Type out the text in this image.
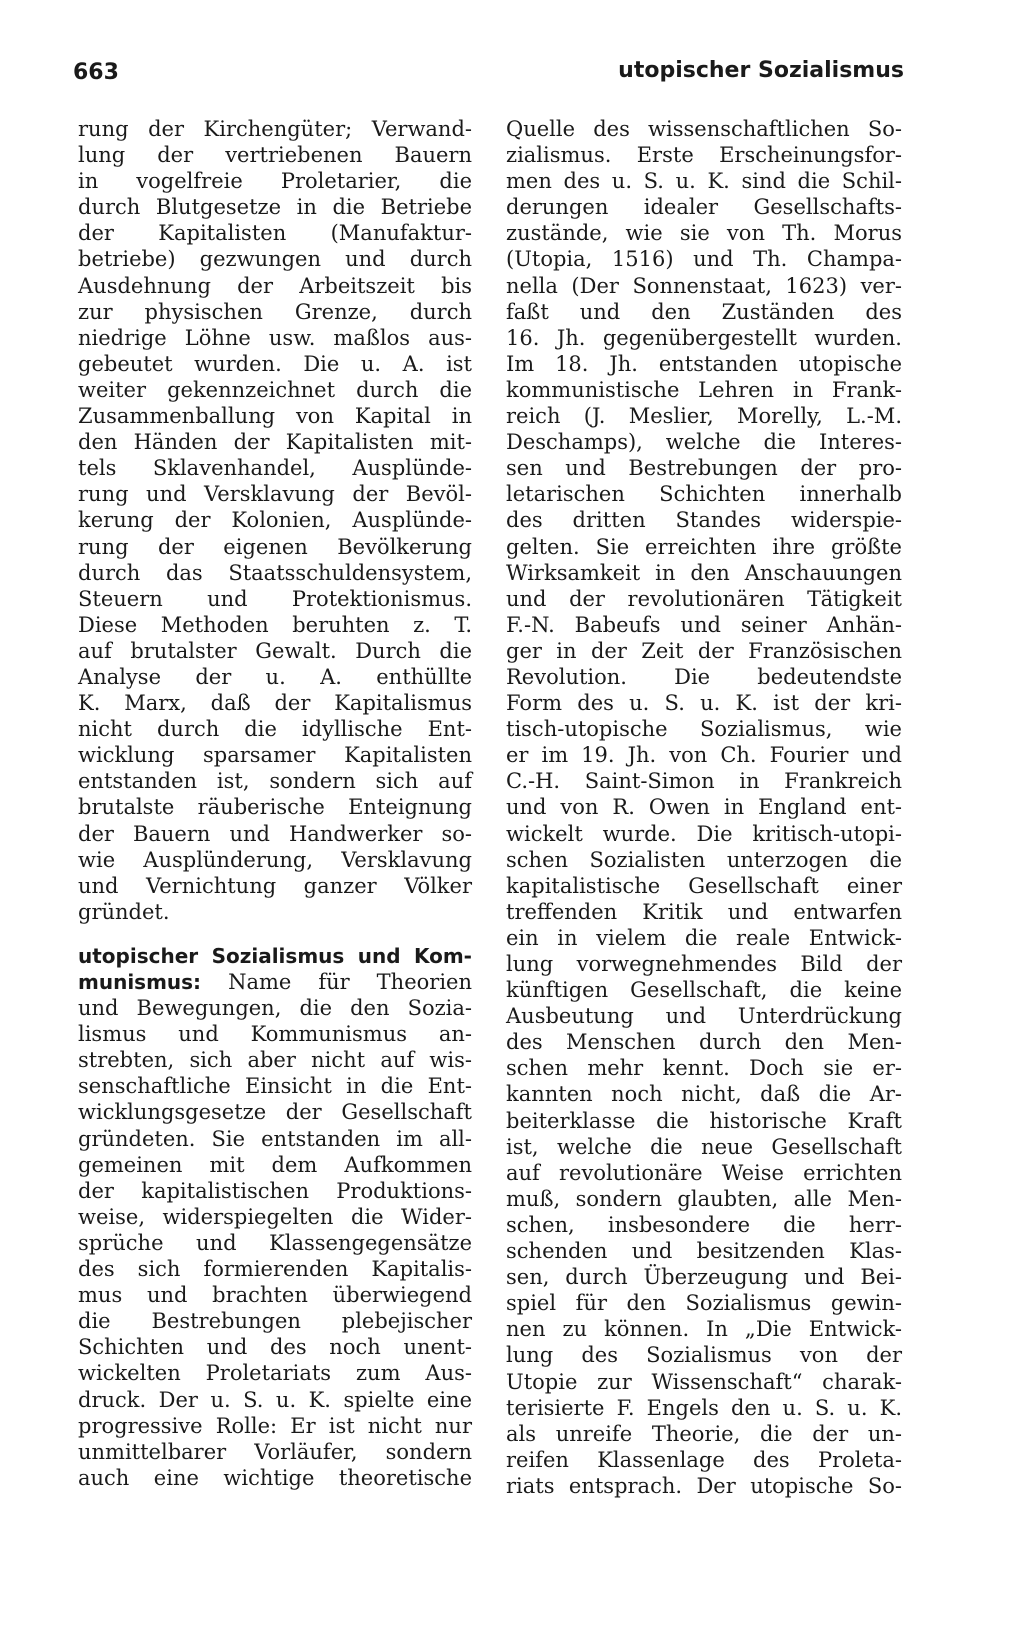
663	utopischer Sozialismus
rung der Kirchengüter; Verwand-
lung der vertriebenen Bauern
in vogelfreie Proletarier, die
durch Blutgesetze in die Betriebe
der Kapitalisten (Manufaktur-
betriebe) gezwungen und durch
Ausdehnung der Arbeitszeit bis
zur physischen Grenze, durch
niedrige Löhne usw. maßlos aus-
gebeutet wurden. Die u. A. ist
weiter gekennzeichnet durch die
Zusammenballung von Kapital in
den Händen der Kapitalisten mit-
tels Sklavenhandel, Ausplünde-
rung und Versklavung der Bevöl-
kerung der Kolonien, Ausplünde-
rung der eigenen Bevölkerung
durch das Staatsschuldensystem,
Steuern und Protektionismus.
Diese Methoden beruhten z. T.
auf brutalster Gewalt. Durch die
Analyse der u. A. enthüllte
K. Marx, daß der Kapitalismus
nicht durch die idyllische Ent-
wicklung sparsamer Kapitalisten
entstanden ist, sondern sich auf
brutalste räuberische Enteignung
der Bauern und Handwerker so-
wie Ausplünderung, Versklavung
und Vernichtung ganzer Völker
gründet.
utopischer Sozialismus und Kom-
munismus: Name für Theorien
und Bewegungen, die den Sozia-
lismus und Kommunismus an-
strebten, sich aber nicht auf wis-
senschaftliche Einsicht in die Ent-
wicklungsgesetze der Gesellschaft
gründeten. Sie entstanden im all-
gemeinen mit dem Aufkommen
der kapitalistischen Produktions-
weise, widerspiegelten die Wider-
sprüche und Klassengegensätze
des sich formierenden Kapitalis-
mus und brachten überwiegend
die Bestrebungen plebejischer
Schichten und des noch unent-
wickelten Proletariats zum Aus-
druck. Der u. S. u. K. spielte eine
progressive Rolle: Er ist nicht nur
unmittelbarer Vorläufer, sondern
auch eine wichtige theoretische
Quelle des wissenschaftlichen So-
zialismus. Erste Erscheinungsfor-
men des u. S. u. K. sind die Schil-
derungen idealer Gesellschafts-
zustände, wie sie von Th. Morus
(Utopia, 1516) und Th. Champa-
nella (Der Sonnenstaat, 1623) ver-
faßt und den Zuständen des
16. Jh. gegenübergestellt wurden.
Im 18. Jh. entstanden utopische
kommunistische Lehren in Frank-
reich (J. Meslier, Morelly, L.-M.
Deschamps), welche die Interes-
sen und Bestrebungen der pro-
letarischen Schichten innerhalb
des dritten Standes widerspie-
gelten. Sie erreichten ihre größte
Wirksamkeit in den Anschauungen
und der revolutionären Tätigkeit
F.-N. Babeufs und seiner Anhän-
ger in der Zeit der Französischen
Revolution. Die bedeutendste
Form des u. S. u. K. ist der kri-
tisch-utopische Sozialismus, wie
er im 19. Jh. von Ch. Fourier und
C.-H. Saint-Simon in Frankreich
und von R. Owen in England ent-
wickelt wurde. Die kritisch-utopi-
schen Sozialisten unterzogen die
kapitalistische Gesellschaft einer
treffenden Kritik und entwarfen
ein in vielem die reale Entwick-
lung vorwegnehmendes Bild der
künftigen Gesellschaft, die keine
Ausbeutung und Unterdrückung
des Menschen durch den Men-
schen mehr kennt. Doch sie er-
kannten noch nicht, daß die Ar-
beiterklasse die historische Kraft
ist, welche die neue Gesellschaft
auf revolutionäre Weise errichten
muß, sondern glaubten, alle Men-
schen, insbesondere die herr-
schenden und besitzenden Klas-
sen, durch Überzeugung und Bei-
spiel für den Sozialismus gewin-
nen zu können. In „Die Entwick-
lung des Sozialismus von der
Utopie zur Wissenschaft“ charak-
terisierte F. Engels den u. S. u. K.
als unreife Theorie, die der un-
reifen Klassenlage des Proleta-
riats entsprach. Der utopische So-
